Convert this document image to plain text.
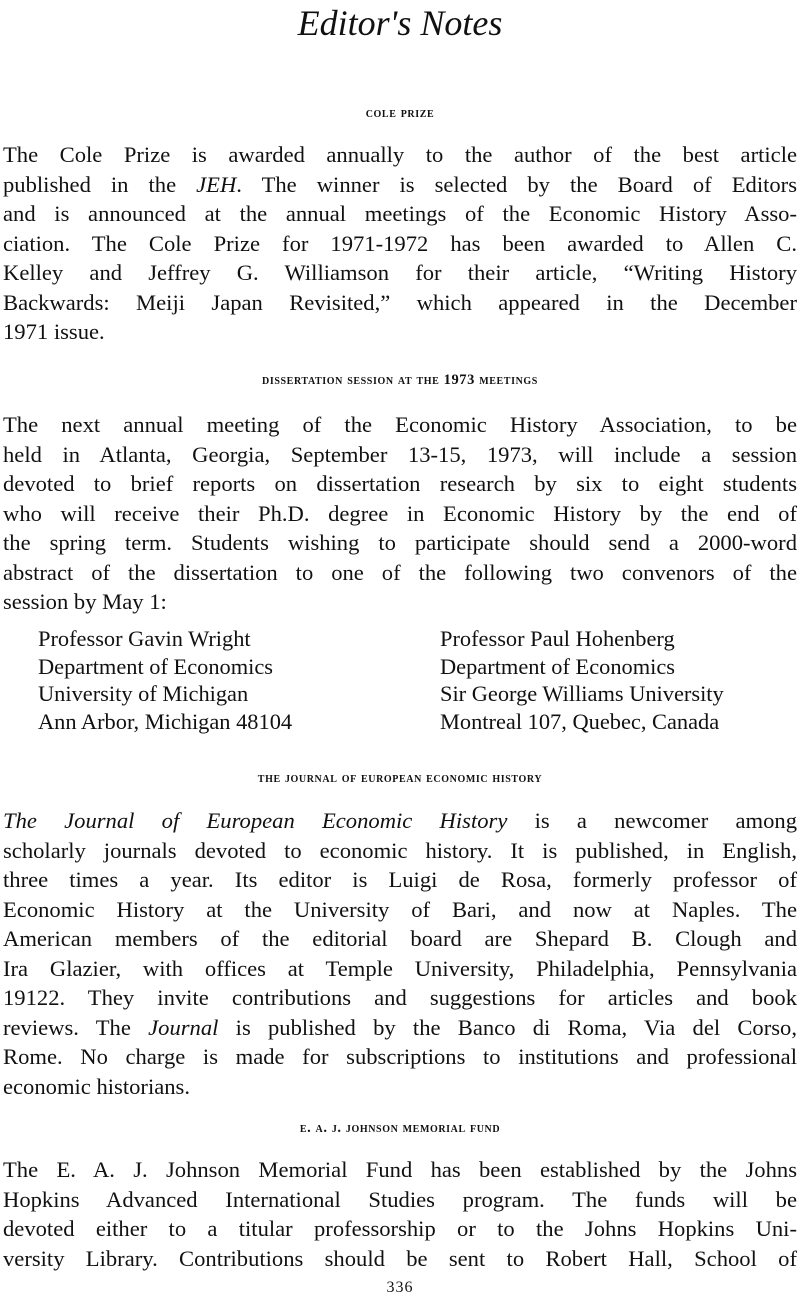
Editor's Notes
cole prize
The Cole Prize is awarded annually to the author of the best article
published in the JEH. The winner is selected by the Board of Editors
and is announced at the annual meetings of the Economic History Asso-
ciation. The Cole Prize for 1971-1972 has been awarded to Allen C.
Kelley and Jeffrey G. Williamson for their article, “Writing History
Backwards: Meiji Japan Revisited,” which appeared in the December
1971 issue.
dissertation session at the 1973 meetings
The next annual meeting of the Economic History Association, to be
held in Atlanta, Georgia, September 13-15, 1973, will include a session
devoted to brief reports on dissertation research by six to eight students
who will receive their Ph.D. degree in Economic History by the end of
the spring term. Students wishing to participate should send a 2000-word
abstract of the dissertation to one of the following two convenors of the
session by May 1:
Professor Gavin Wright
Department of Economics
University of Michigan
Ann Arbor, Michigan 48104
Professor Paul Hohenberg
Department of Economics
Sir George Williams University
Montreal 107, Quebec, Canada
the journal of european economic history
The Journal of European Economic History is a newcomer among
scholarly journals devoted to economic history. It is published, in English,
three times a year. Its editor is Luigi de Rosa, formerly professor of
Economic History at the University of Bari, and now at Naples. The
American members of the editorial board are Shepard B. Clough and
Ira Glazier, with offices at Temple University, Philadelphia, Pennsylvania
19122. They invite contributions and suggestions for articles and book
reviews. The Journal is published by the Banco di Roma, Via del Corso,
Rome. No charge is made for subscriptions to institutions and professional
economic historians.
e. a. j. johnson memorial fund
The E. A. J. Johnson Memorial Fund has been established by the Johns
Hopkins Advanced International Studies program. The funds will be
devoted either to a titular professorship or to the Johns Hopkins Uni-
versity Library. Contributions should be sent to Robert Hall, School of
336
